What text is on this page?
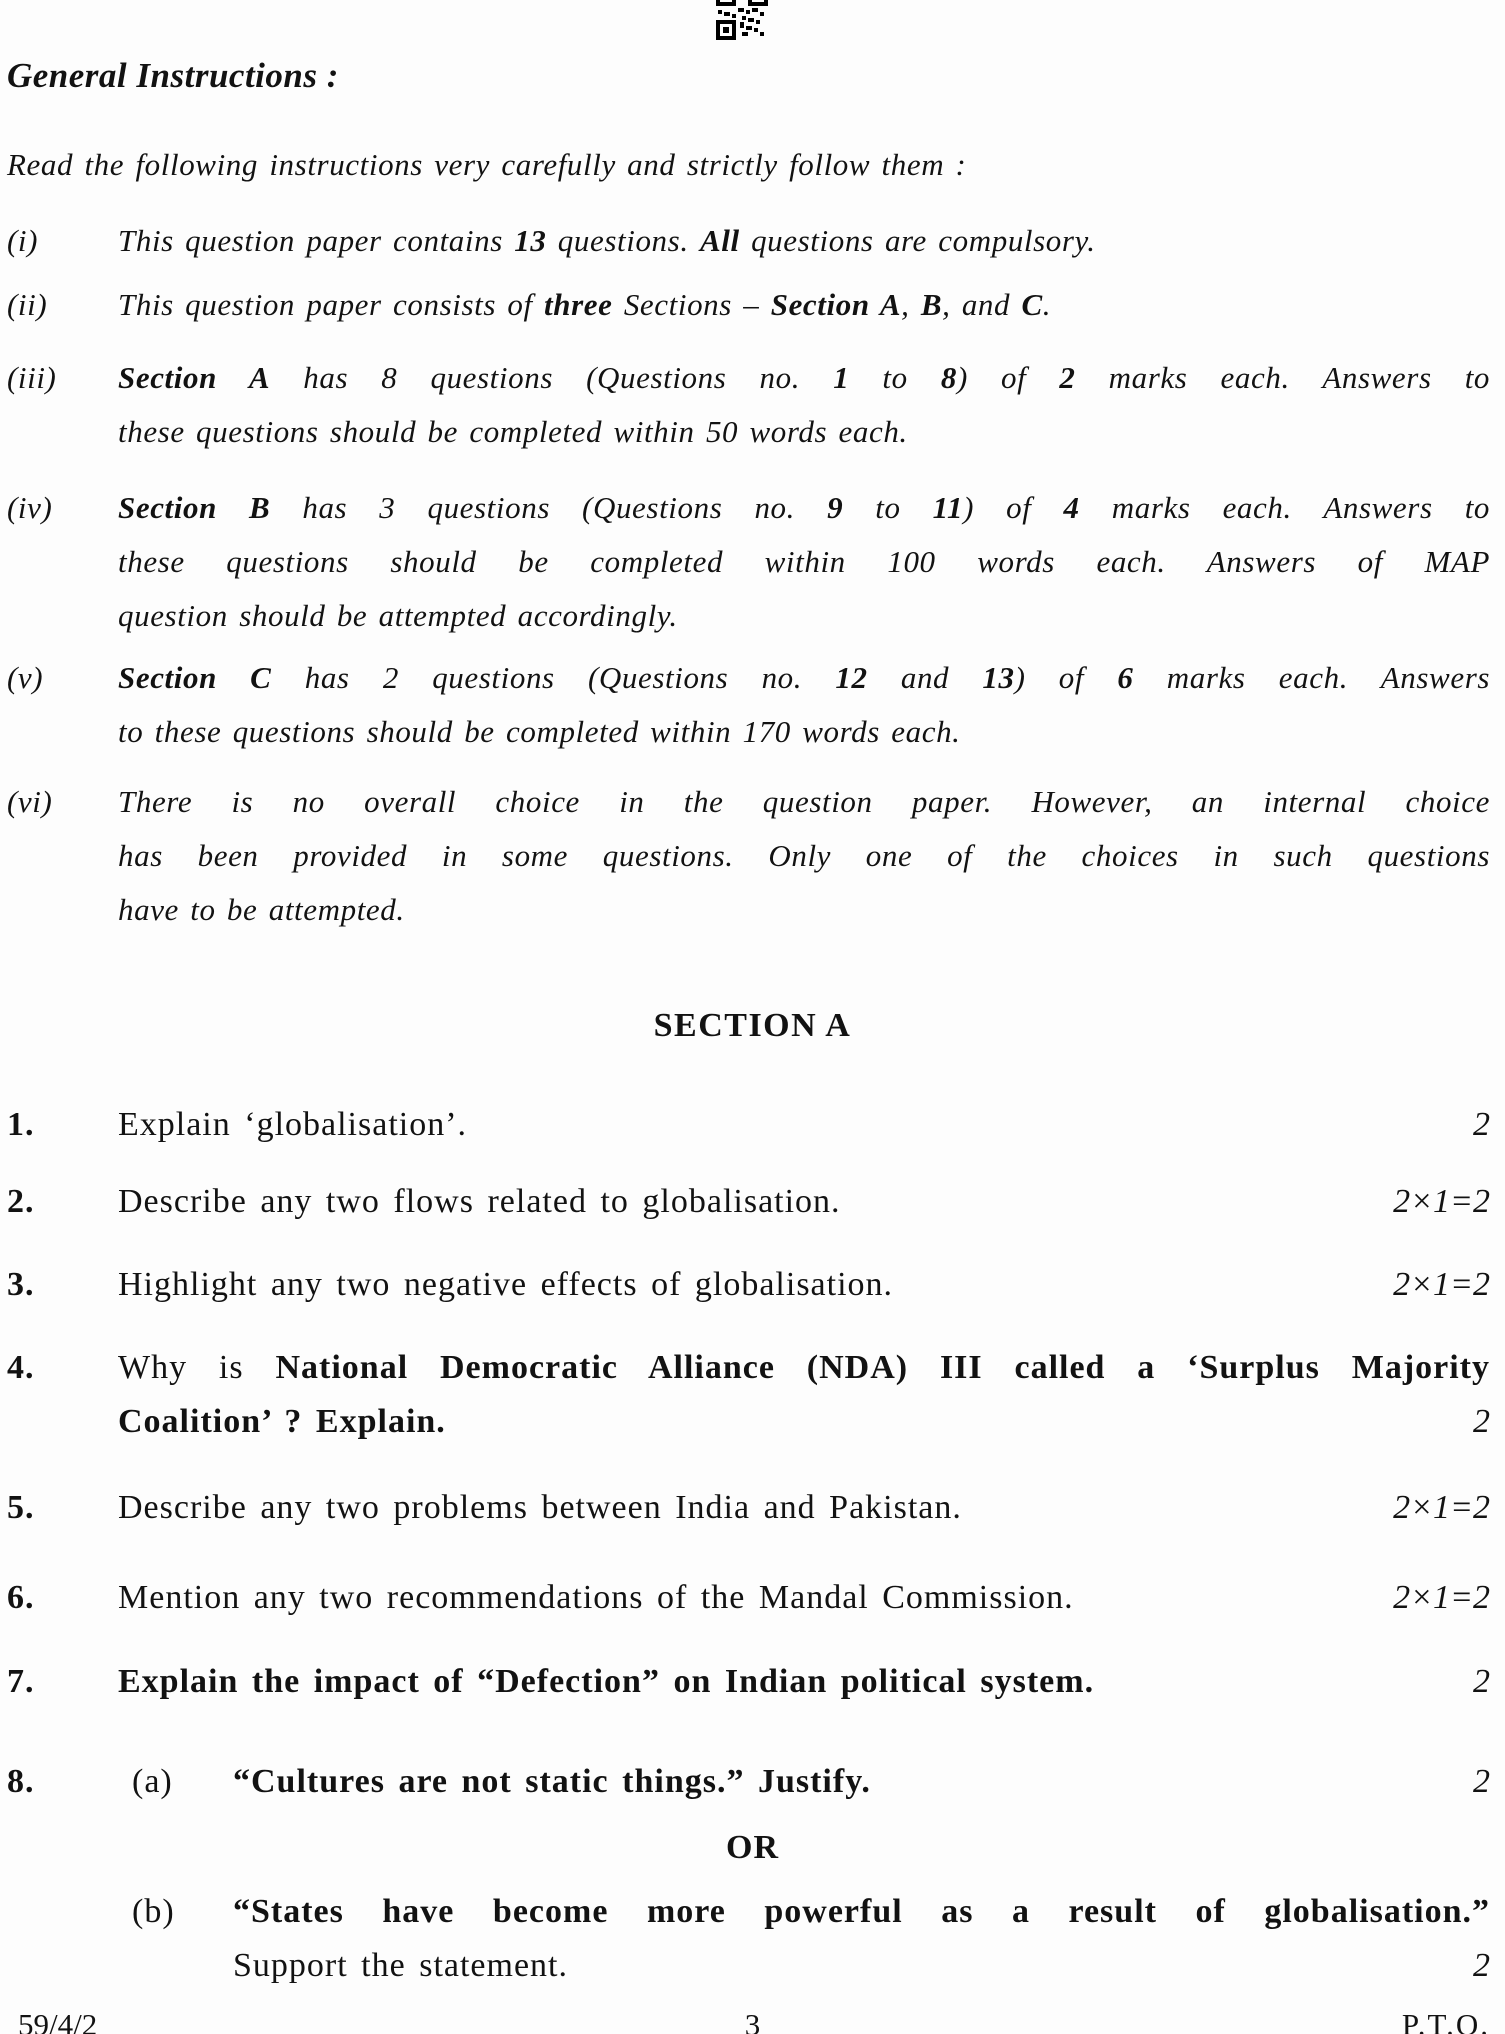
General Instructions :
Read the following instructions very carefully and strictly follow them :
(i)	This question paper contains 13 questions. All questions are compulsory.
(ii) This question paper consists of three Sections – Section A, B, and C.
(iii) Section A has 8 questions (Questions no. 1 to 8) of 2 marks each. Answers to
these questions should be completed within 50 words each.
(iv) Section B has 3 questions (Questions no. 9 to 11) of 4 marks each. Answers to
these questions should be completed within 100 words each. Answers of MAP
question should be attempted accordingly.
(v) Section C has 2 questions (Questions no. 12 and 13) of 6 marks each. Answers
to these questions should be completed within 170 words each.
(vi) There is no overall choice in the question paper. However, an internal choice
has been provided in some questions. Only one of the choices in such questions
have to be attempted.
SECTION A
1. Explain ‘globalisation’.	2
2. Describe any two flows related to globalisation.	2×1=2
3. Highlight any two negative effects of globalisation.	2×1=2
4. Why is National Democratic Alliance (NDA) III called a ‘Surplus Majority
Coalition’ ? Explain.	2
5. Describe any two problems between India and Pakistan.	2×1=2
6. Mention any two recommendations of the Mandal Commission.	2×1=2
7. Explain the impact of “Defection” on Indian political system.	2
8.	(a) “Cultures are not static things.” Justify.	2
OR
(b) “States have become more powerful as a result of globalisation.”
Support the statement.	2
59/4/2	3	P.T.O.
